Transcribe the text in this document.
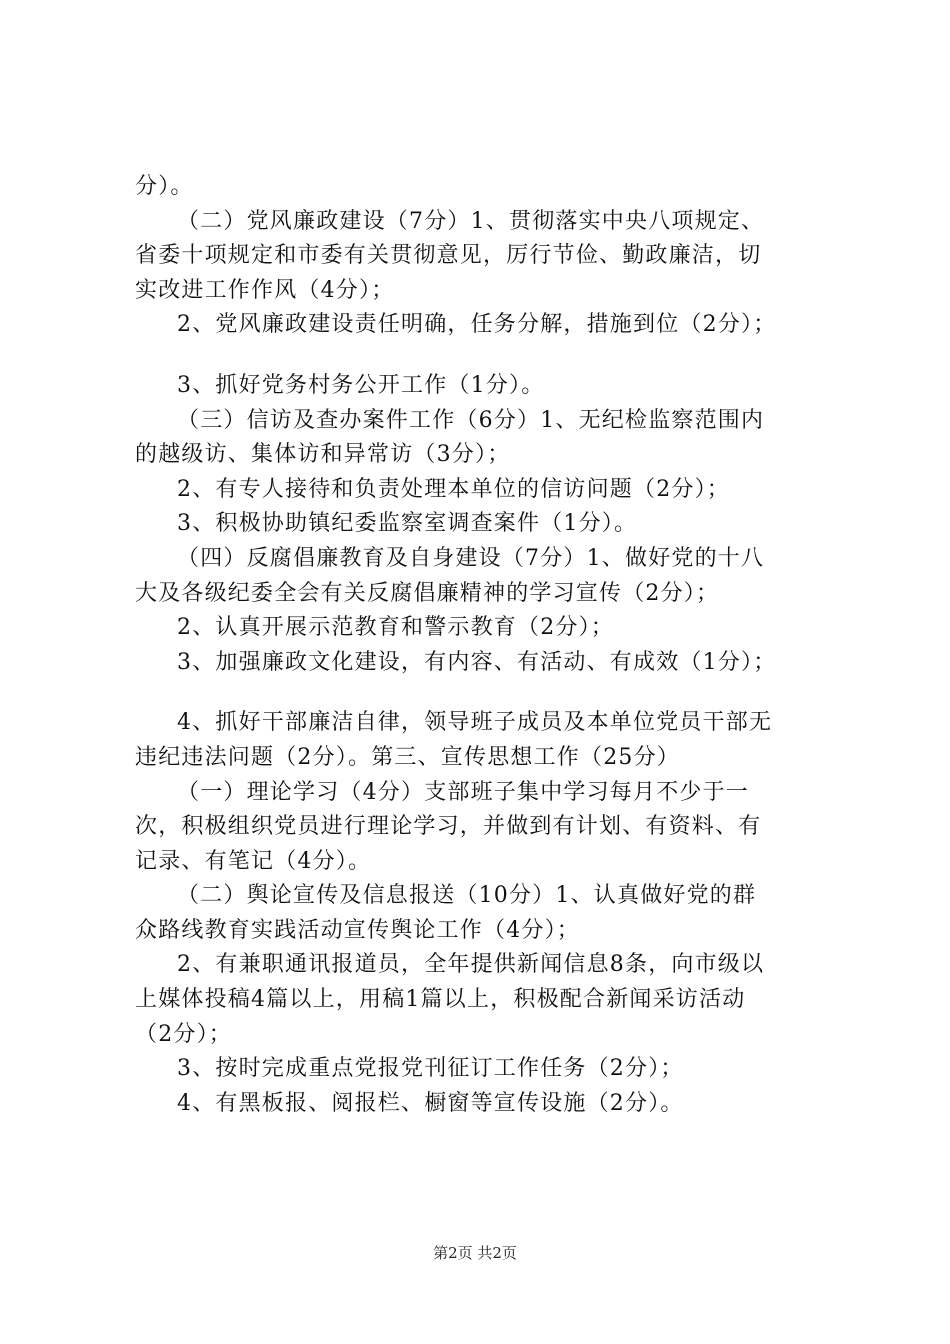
分）。
（二）党风廉政建设（7分）1、贯彻落实中央八项规定、
省委十项规定和市委有关贯彻意见，厉行节俭、勤政廉洁，切
实改进工作作风（4分）；
2、党风廉政建设责任明确，任务分解，措施到位（2分）；
3、抓好党务村务公开工作（1分）。
（三）信访及查办案件工作（6分）1、无纪检监察范围内
的越级访、集体访和异常访（3分）；
2、有专人接待和负责处理本单位的信访问题（2分）；
3、积极协助镇纪委监察室调查案件（1分）。
（四）反腐倡廉教育及自身建设（7分）1、做好党的十八
大及各级纪委全会有关反腐倡廉精神的学习宣传（2分）；
2、认真开展示范教育和警示教育（2分）；
3、加强廉政文化建设，有内容、有活动、有成效（1分）；
4、抓好干部廉洁自律，领导班子成员及本单位党员干部无
违纪违法问题（2分）。第三、宣传思想工作（25分）
（一）理论学习（4分）支部班子集中学习每月不少于一
次，积极组织党员进行理论学习，并做到有计划、有资料、有
记录、有笔记（4分）。
（二）舆论宣传及信息报送（10分）1、认真做好党的群
众路线教育实践活动宣传舆论工作（4分）；
2、有兼职通讯报道员，全年提供新闻信息8条，向市级以
上媒体投稿4篇以上，用稿1篇以上，积极配合新闻采访活动
（2分）；
3、按时完成重点党报党刊征订工作任务（2分）；
4、有黑板报、阅报栏、橱窗等宣传设施（2分）。
第2页 共2页
